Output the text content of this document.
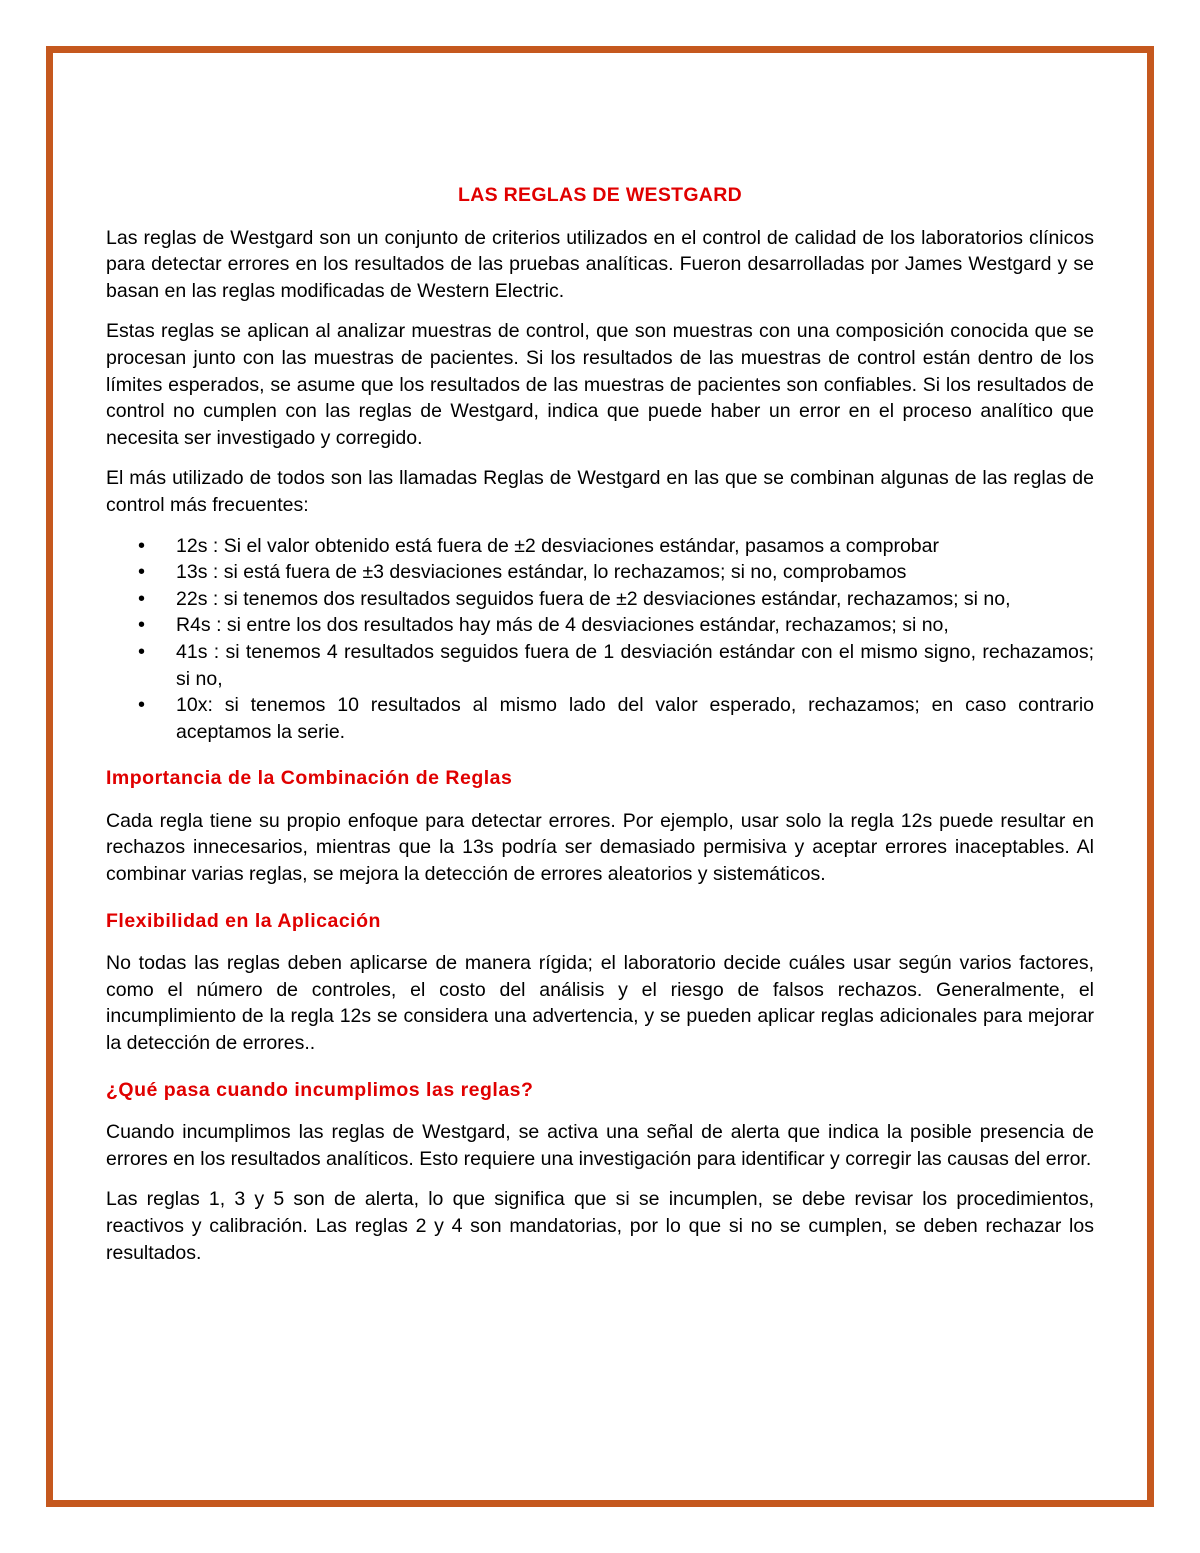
LAS REGLAS DE WESTGARD

Las reglas de Westgard son un conjunto de criterios utilizados en el control de calidad de los laboratorios clínicos para detectar errores en los resultados de las pruebas analíticas. Fueron desarrolladas por James Westgard y se basan en las reglas modificadas de Western Electric.

Estas reglas se aplican al analizar muestras de control, que son muestras con una composición conocida que se procesan junto con las muestras de pacientes. Si los resultados de las muestras de control están dentro de los límites esperados, se asume que los resultados de las muestras de pacientes son confiables. Si los resultados de control no cumplen con las reglas de Westgard, indica que puede haber un error en el proceso analítico que necesita ser investigado y corregido.

El más utilizado de todos son las llamadas Reglas de Westgard en las que se combinan algunas de las reglas de control más frecuentes:

• 12s : Si el valor obtenido está fuera de ±2 desviaciones estándar, pasamos a comprobar
• 13s : si está fuera de ±3 desviaciones estándar, lo rechazamos; si no, comprobamos
• 22s : si tenemos dos resultados seguidos fuera de ±2 desviaciones estándar, rechazamos; si no,
• R4s : si entre los dos resultados hay más de 4 desviaciones estándar, rechazamos; si no,
• 41s : si tenemos 4 resultados seguidos fuera de 1 desviación estándar con el mismo signo, rechazamos; si no,
• 10x: si tenemos 10 resultados al mismo lado del valor esperado, rechazamos; en caso contrario aceptamos la serie.
Importancia de la Combinación de Reglas

Cada regla tiene su propio enfoque para detectar errores. Por ejemplo, usar solo la regla 12s puede resultar en rechazos innecesarios, mientras que la 13s podría ser demasiado permisiva y aceptar errores inaceptables. Al combinar varias reglas, se mejora la detección de errores aleatorios y sistemáticos.

Flexibilidad en la Aplicación

No todas las reglas deben aplicarse de manera rígida; el laboratorio decide cuáles usar según varios factores, como el número de controles, el costo del análisis y el riesgo de falsos rechazos. Generalmente, el incumplimiento de la regla 12s se considera una advertencia, y se pueden aplicar reglas adicionales para mejorar la detección de errores..

¿Qué pasa cuando incumplimos las reglas?

Cuando incumplimos las reglas de Westgard, se activa una señal de alerta que indica la posible presencia de errores en los resultados analíticos. Esto requiere una investigación para identificar y corregir las causas del error.

Las reglas 1, 3 y 5 son de alerta, lo que significa que si se incumplen, se debe revisar los procedimientos, reactivos y calibración. Las reglas 2 y 4 son mandatorias, por lo que si no se cumplen, se deben rechazar los resultados.
